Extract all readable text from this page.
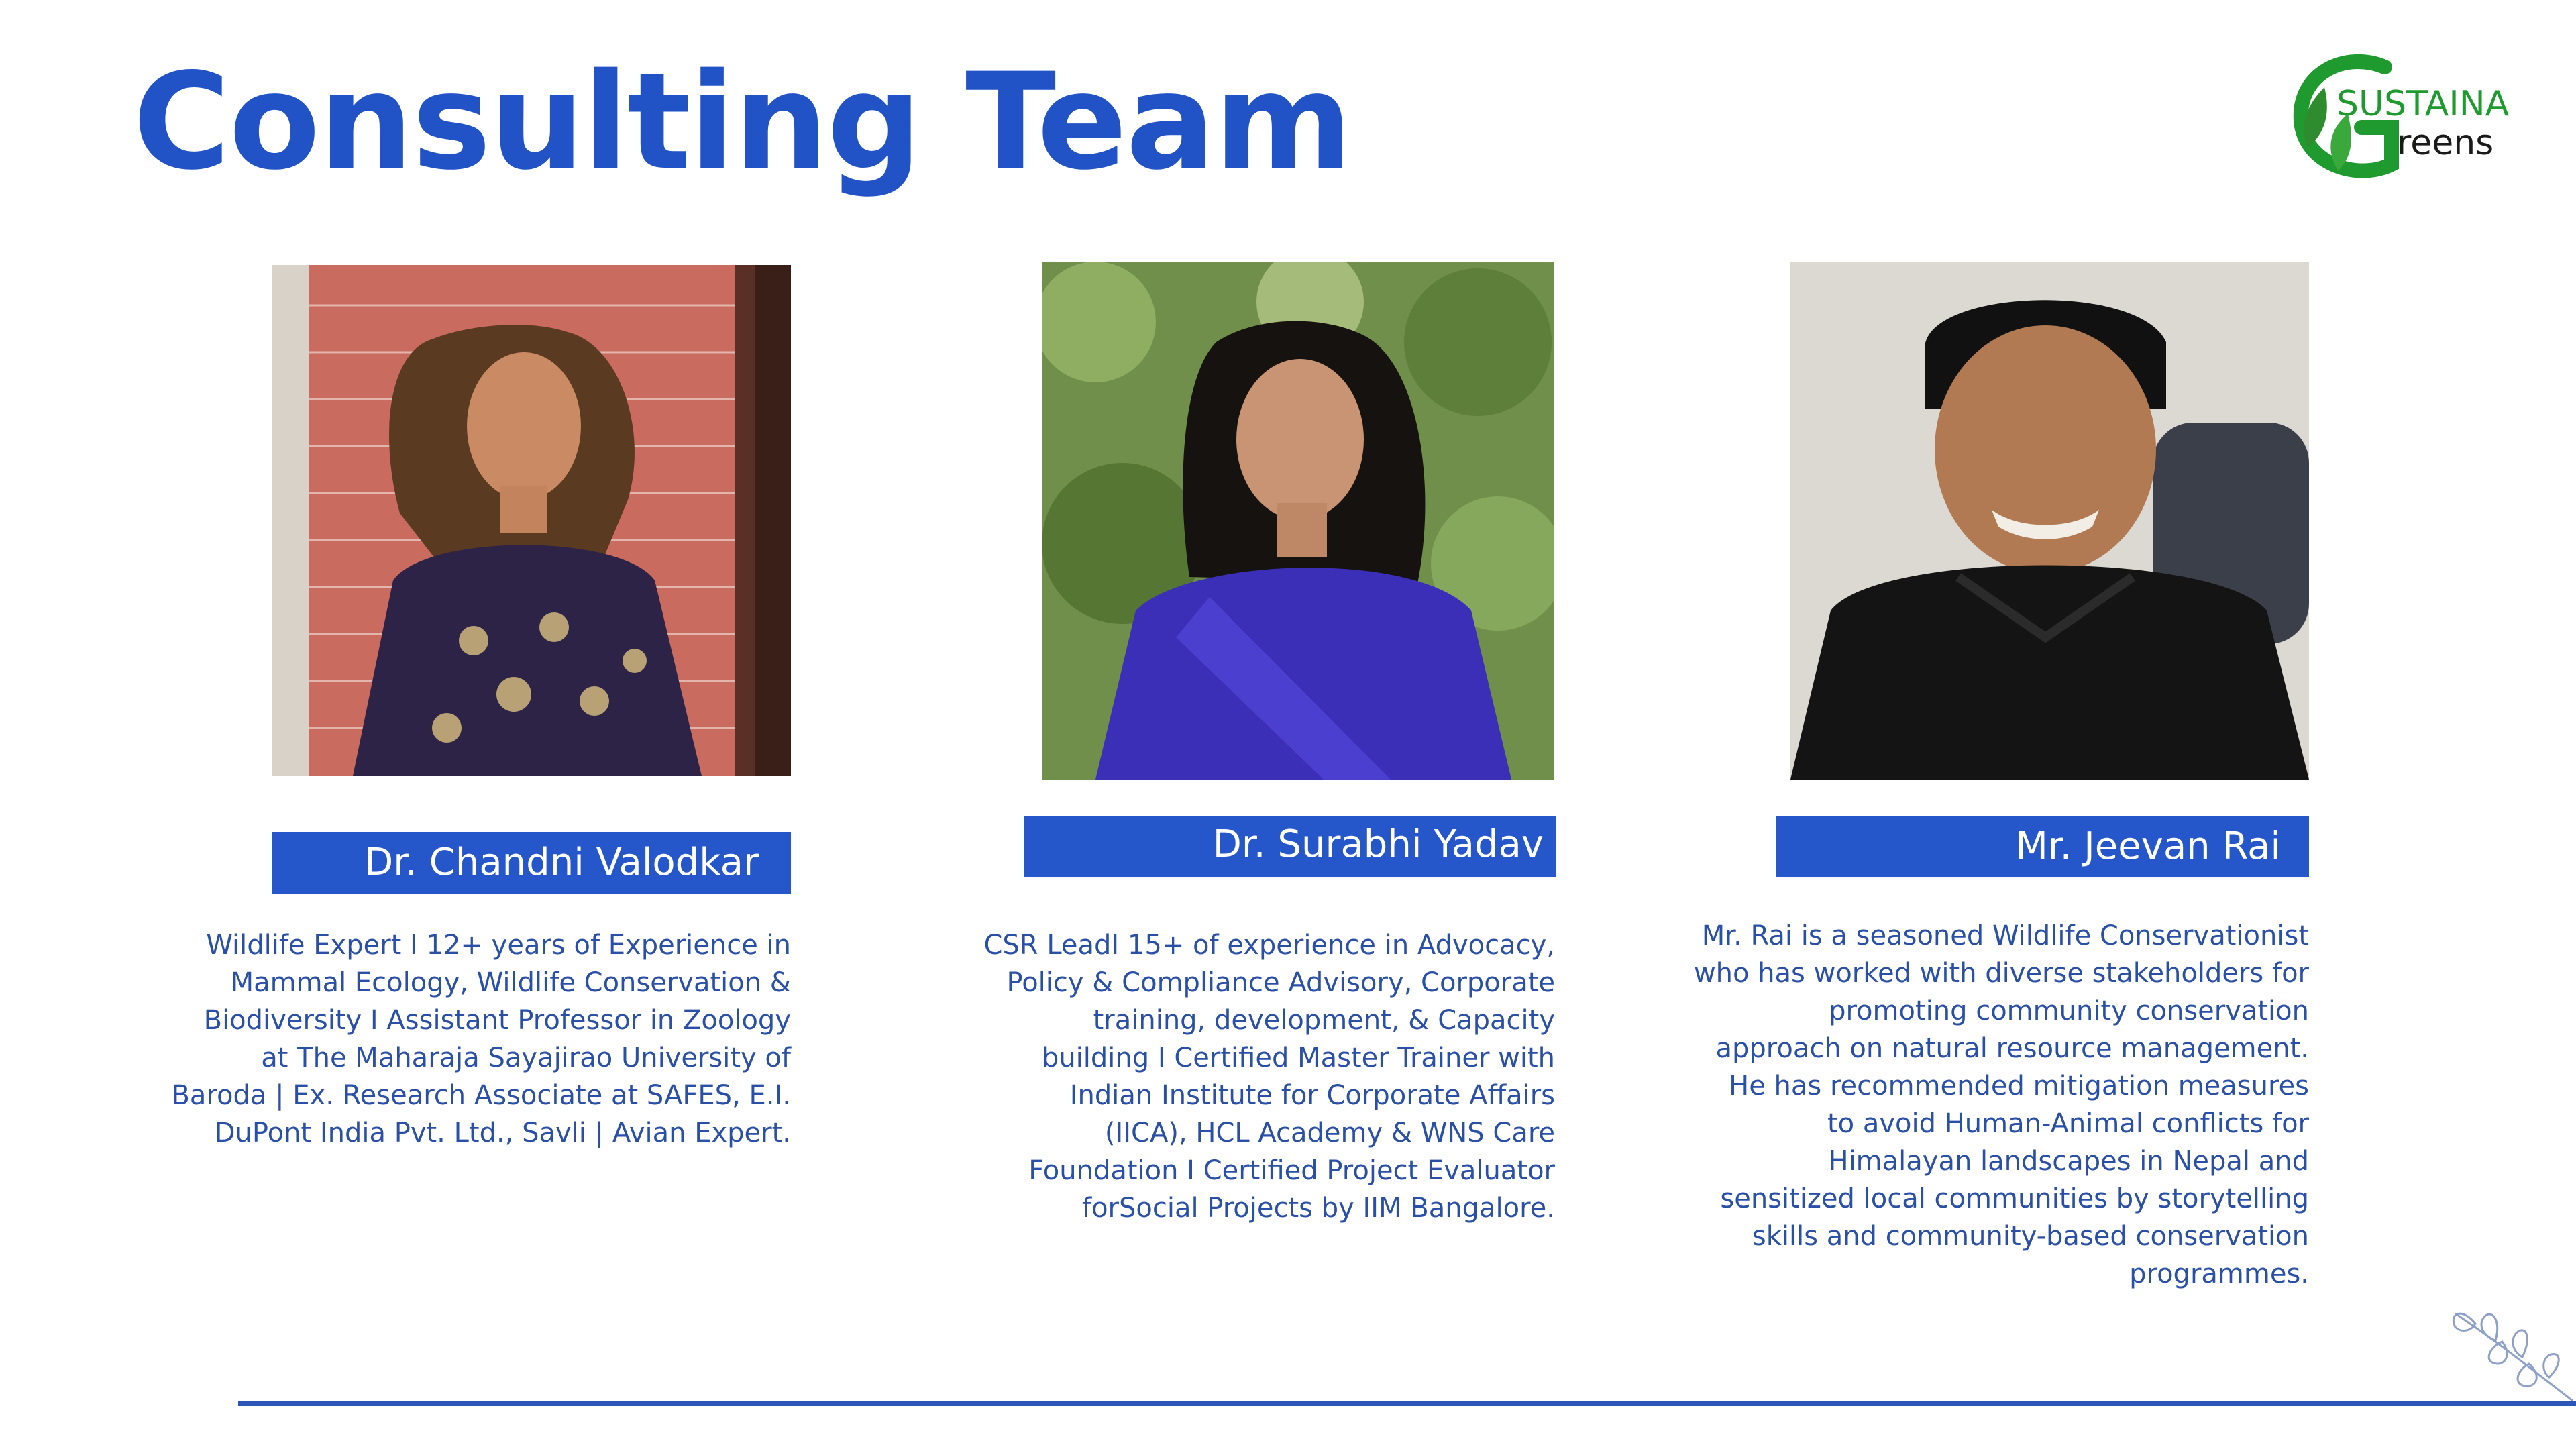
Consulting Team	SUSTAINA
reens
Dr. Chandni Valodkar	Dr. Surabhi Yadav	Mr. Jeevan Rai
Wildlife Expert I 12+ years of Experience in
Mammal Ecology, Wildlife Conservation &
Biodiversity I Assistant Professor in Zoology
at The Maharaja Sayajirao University of
Baroda | Ex. Research Associate at SAFES, E.I.
DuPont India Pvt. Ltd., Savli | Avian Expert.
CSR LeadI 15+ of experience in Advocacy,
Policy & Compliance Advisory, Corporate
training, development, & Capacity
building I Certified Master Trainer with
Indian Institute for Corporate Affairs
(IICA), HCL Academy & WNS Care
Foundation I Certified Project Evaluator
forSocial Projects by IIM Bangalore.
Mr. Rai is a seasoned Wildlife Conservationist
who has worked with diverse stakeholders for
promoting community conservation
approach on natural resource management.
He has recommended mitigation measures
to avoid Human-Animal conflicts for
Himalayan landscapes in Nepal and
sensitized local communities by storytelling
skills and community-based conservation
programmes.
